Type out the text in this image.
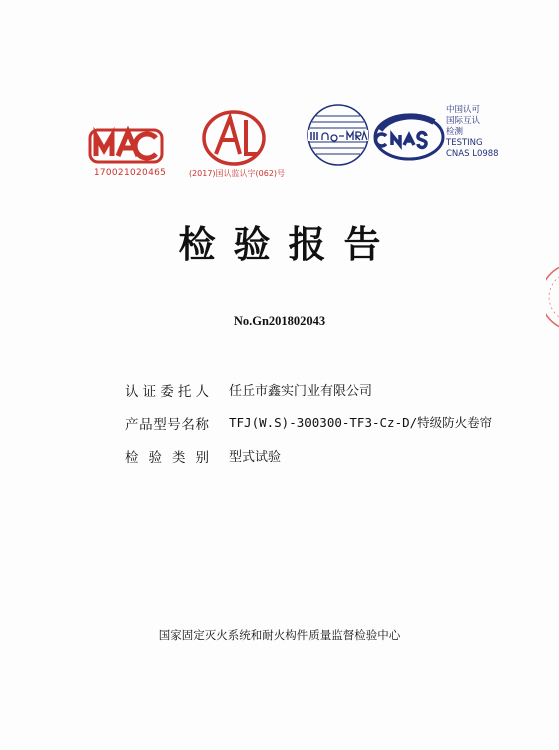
170021020465	(2017)国认监认字(062)号
中国认可
国际互认
检测
TESTING
CNAS L0988
检验报告
No.Gn201802043
认 证 委 托 人 任丘市鑫实门业有限公司
产 品 型 号 名 称 TFJ(W.S)-300300-TF3-Cz-D/特级防火卷帘
检 验 类 别 型式试验
国家固定灭火系统和耐火构件质量监督检验中心
